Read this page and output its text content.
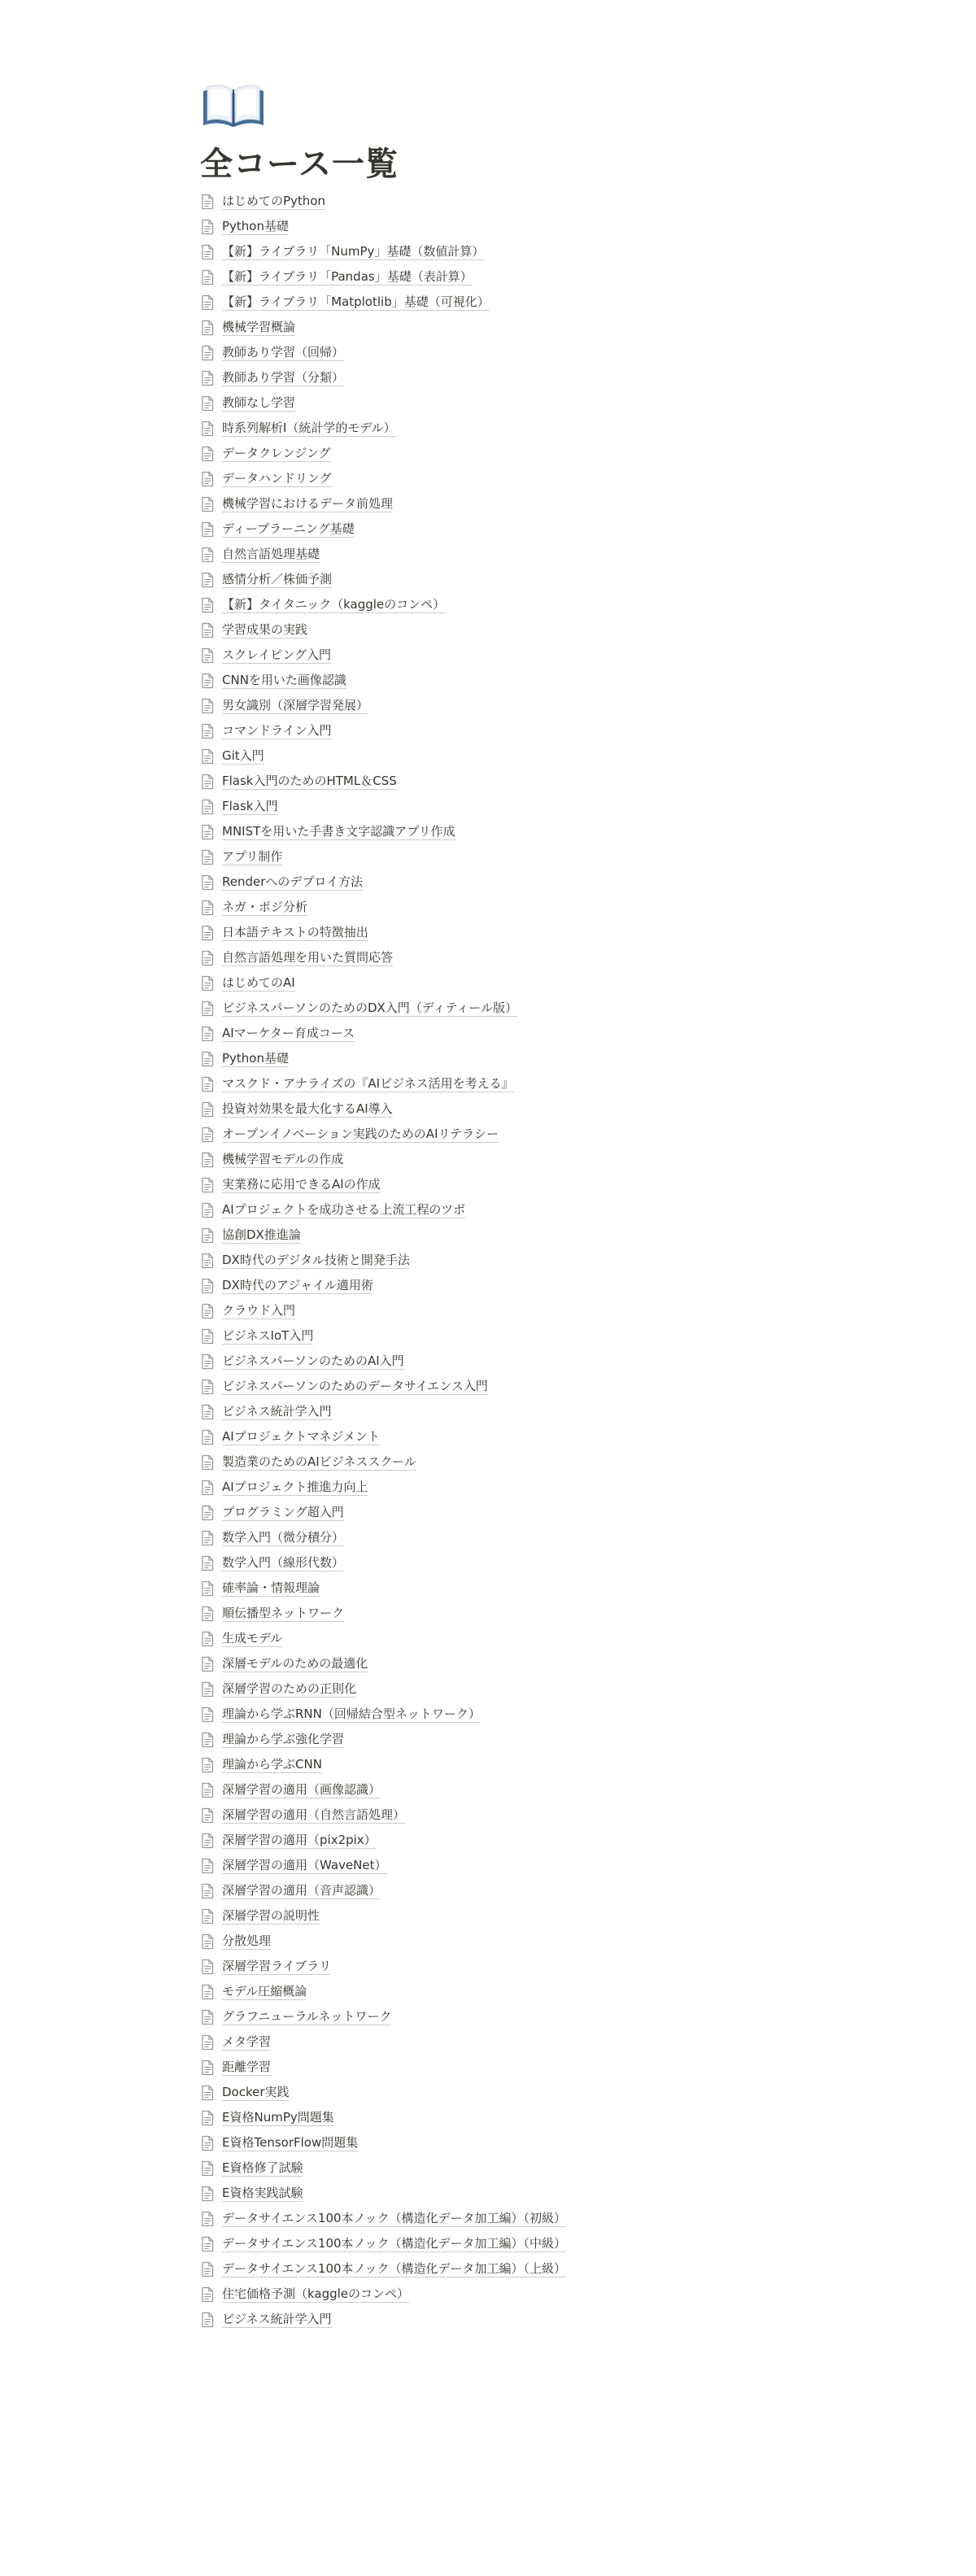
全コース一覧
はじめてのPython
Python基礎
【新】ライブラリ「NumPy」基礎（数値計算）
【新】ライブラリ「Pandas」基礎（表計算）
【新】ライブラリ「Matplotlib」基礎（可視化）
機械学習概論
教師あり学習（回帰）
教師あり学習（分類）
教師なし学習
時系列解析Ⅰ（統計学的モデル）
データクレンジング
データハンドリング
機械学習におけるデータ前処理
ディープラーニング基礎
自然言語処理基礎
感情分析／株価予測
【新】タイタニック（kaggleのコンペ）
学習成果の実践
スクレイピング入門
CNNを用いた画像認識
男女識別（深層学習発展）
コマンドライン入門
Git入門
Flask入門のためのHTML＆CSS
Flask入門
MNISTを用いた手書き文字認識アプリ作成
アプリ制作
Renderへのデプロイ方法
ネガ・ポジ分析
日本語テキストの特徴抽出
自然言語処理を用いた質問応答
はじめてのAI
ビジネスパーソンのためのDX入門（ディティール版）
AIマーケター育成コース
Python基礎
マスクド・アナライズの『AIビジネス活用を考える』
投資対効果を最大化するAI導入
オープンイノベーション実践のためのAIリテラシー
機械学習モデルの作成
実業務に応用できるAIの作成
AIプロジェクトを成功させる上流工程のツボ
協創DX推進論
DX時代のデジタル技術と開発手法
DX時代のアジャイル適用術
クラウド入門
ビジネスIoT入門
ビジネスパーソンのためのAI入門
ビジネスパーソンのためのデータサイエンス入門
ビジネス統計学入門
AIプロジェクトマネジメント
製造業のためのAIビジネススクール
AIプロジェクト推進力向上
プログラミング超入門
数学入門（微分積分）
数学入門（線形代数）
確率論・情報理論
順伝播型ネットワーク
生成モデル
深層モデルのための最適化
深層学習のための正則化
理論から学ぶRNN（回帰結合型ネットワーク）
理論から学ぶ強化学習
理論から学ぶCNN
深層学習の適用（画像認識）
深層学習の適用（自然言語処理）
深層学習の適用（pix2pix）
深層学習の適用（WaveNet）
深層学習の適用（音声認識）
深層学習の説明性
分散処理
深層学習ライブラリ
モデル圧縮概論
グラフニューラルネットワーク
メタ学習
距離学習
Docker実践
E資格NumPy問題集
E資格TensorFlow問題集
E資格修了試験
E資格実践試験
データサイエンス100本ノック（構造化データ加工編）（初級）
データサイエンス100本ノック（構造化データ加工編）（中級）
データサイエンス100本ノック（構造化データ加工編）（上級）
住宅価格予測（kaggleのコンペ）
ビジネス統計学入門
